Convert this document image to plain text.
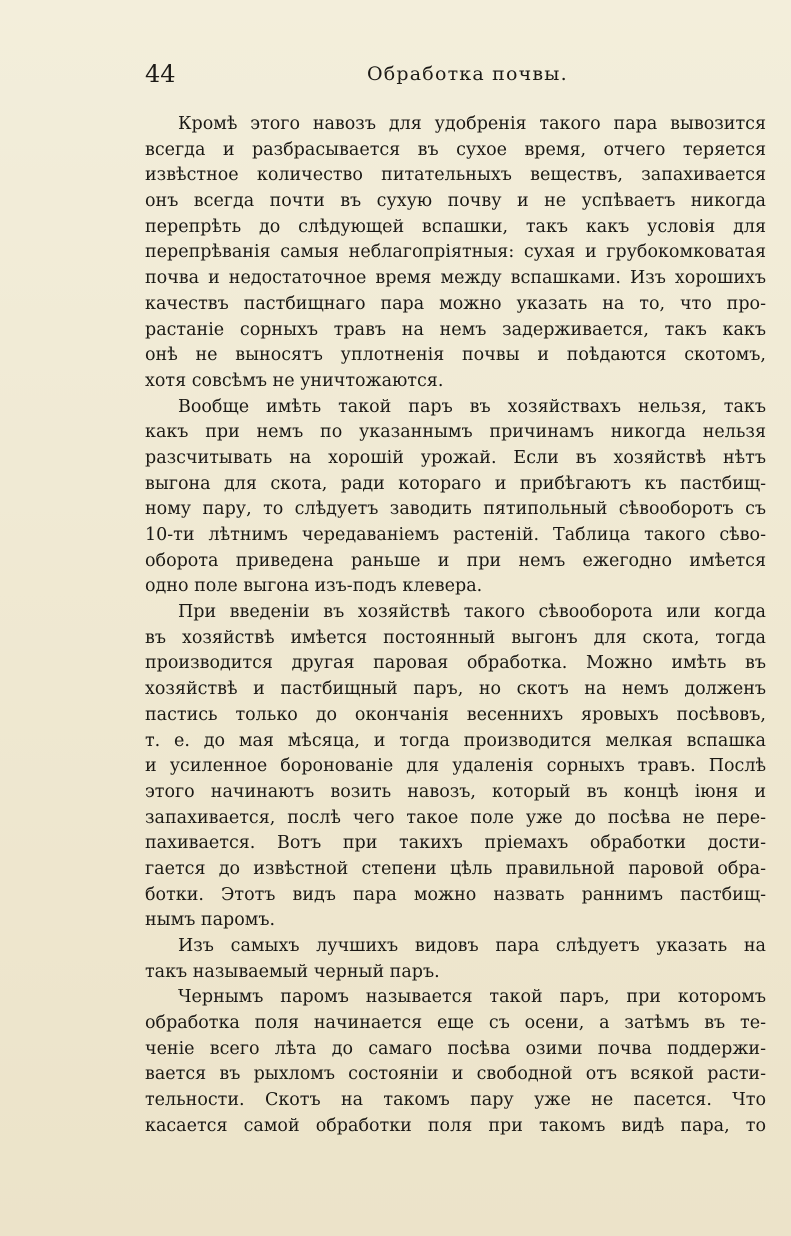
44	Обработка почвы.
Кромѣ этого навозъ для удобренія такого пара вывозится
всегда и разбрасывается въ сухое время, отчего теряется
извѣстное количество питательныхъ веществъ, запахивается
онъ всегда почти въ сухую почву и не успѣваетъ никогда
перепрѣть до слѣдующей вспашки, такъ какъ условія для
перепрѣванія самыя неблагопріятныя: сухая и грубокомковатая
почва и недостаточное время между вспашками. Изъ хорошихъ
качествъ пастбищнаго пара можно указать на то, что про-
растаніе сорныхъ травъ на немъ задерживается, такъ какъ
онѣ не выносятъ уплотненія почвы и поѣдаются скотомъ,
хотя совсѣмъ не уничтожаются.
Вообще имѣть такой паръ въ хозяйствахъ нельзя, такъ
какъ при немъ по указаннымъ причинамъ никогда нельзя
разсчитывать на хорошій урожай. Если въ хозяйствѣ нѣтъ
выгона для скота, ради котораго и прибѣгаютъ къ пастбищ-
ному пару, то слѣдуетъ заводить пятипольный сѣвооборотъ съ
10-ти лѣтнимъ чередаваніемъ растеній. Таблица такого сѣво-
оборота приведена раньше и при немъ ежегодно имѣется
одно поле выгона изъ-подъ клевера.
При введеніи въ хозяйствѣ такого сѣвооборота или когда
въ хозяйствѣ имѣется постоянный выгонъ для скота, тогда
производится другая паровая обработка. Можно имѣть въ
хозяйствѣ и пастбищный паръ, но скотъ на немъ долженъ
пастись только до окончанія весеннихъ яровыхъ посѣвовъ,
т. е. до мая мѣсяца, и тогда производится мелкая вспашка
и усиленное боронованіе для удаленія сорныхъ травъ. Послѣ
этого начинаютъ возить навозъ, который въ концѣ іюня и
запахивается, послѣ чего такое поле уже до посѣва не пере-
пахивается. Вотъ при такихъ пріемахъ обработки дости-
гается до извѣстной степени цѣль правильной паровой обра-
ботки. Этотъ видъ пара можно назвать раннимъ пастбищ-
нымъ паромъ.
Изъ самыхъ лучшихъ видовъ пара слѣдуетъ указать на
такъ называемый черный паръ.
Чернымъ паромъ называется такой паръ, при которомъ
обработка поля начинается еще съ осени, а затѣмъ въ те-
ченіе всего лѣта до самаго посѣва озими почва поддержи-
вается въ рыхломъ состояніи и свободной отъ всякой расти-
тельности. Скотъ на такомъ пару уже не пасется. Что
касается самой обработки поля при такомъ видѣ пара, то
